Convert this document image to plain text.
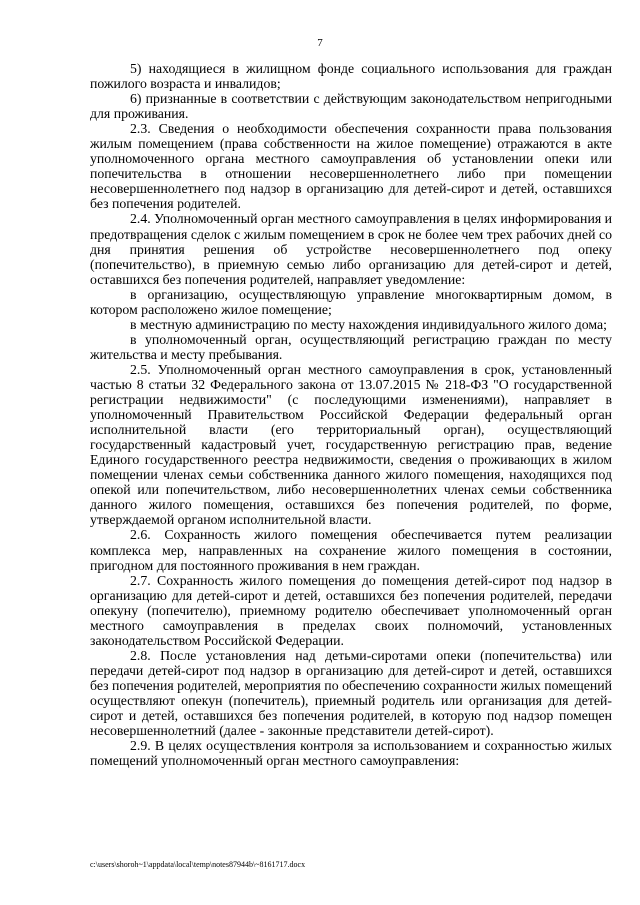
7

5) находящиеся в жилищном фонде социального использования для граждан пожилого возраста и инвалидов;

6) признанные в соответствии с действующим законодательством непригодными для проживания.

2.3. Сведения о необходимости обеспечения сохранности права пользования жилым помещением (права собственности на жилое помещение) отражаются в акте уполномоченного органа местного самоуправления об установлении опеки или попечительства в отношении несовершеннолетнего либо при помещении несовершеннолетнего под надзор в организацию для детей-сирот и детей, оставшихся без попечения родителей.

2.4. Уполномоченный орган местного самоуправления в целях информирования и предотвращения сделок с жилым помещением в срок не более чем трех рабочих дней со дня принятия решения об устройстве несовершеннолетнего под опеку (попечительство), в приемную семью либо организацию для детей-сирот и детей, оставшихся без попечения родителей, направляет уведомление:

в организацию, осуществляющую управление многоквартирным домом, в котором расположено жилое помещение;

в местную администрацию по месту нахождения индивидуального жилого дома;

в уполномоченный орган, осуществляющий регистрацию граждан по месту жительства и месту пребывания.

2.5. Уполномоченный орган местного самоуправления в срок, установленный частью 8 статьи 32 Федерального закона от 13.07.2015 № 218-ФЗ "О государственной регистрации недвижимости" (с последующими изменениями), направляет в уполномоченный Правительством Российской Федерации федеральный орган исполнительной власти (его территориальный орган), осуществляющий государственный кадастровый учет, государственную регистрацию прав, ведение Единого государственного реестра недвижимости, сведения о проживающих в жилом помещении членах семьи собственника данного жилого помещения, находящихся под опекой или попечительством, либо несовершеннолетних членах семьи собственника данного жилого помещения, оставшихся без попечения родителей, по форме, утверждаемой органом исполнительной власти.

2.6. Сохранность жилого помещения обеспечивается путем реализации комплекса мер, направленных на сохранение жилого помещения в состоянии, пригодном для постоянного проживания в нем граждан.

2.7. Сохранность жилого помещения до помещения детей-сирот под надзор в организацию для детей-сирот и детей, оставшихся без попечения родителей, передачи опекуну (попечителю), приемному родителю обеспечивает уполномоченный орган местного самоуправления в пределах своих полномочий, установленных законодательством Российской Федерации.

2.8. После установления над детьми-сиротами опеки (попечительства) или передачи детей-сирот под надзор в организацию для детей-сирот и детей, оставшихся без попечения родителей, мероприятия по обеспечению сохранности жилых помещений осуществляют опекун (попечитель), приемный родитель или организация для детей-сирот и детей, оставшихся без попечения родителей, в которую под надзор помещен несовершеннолетний (далее - законные представители детей-сирот).

2.9. В целях осуществления контроля за использованием и сохранностью жилых помещений уполномоченный орган местного самоуправления:

c:\users\shoroh~1\appdata\local\temp\notes87944b\~8161717.docx
